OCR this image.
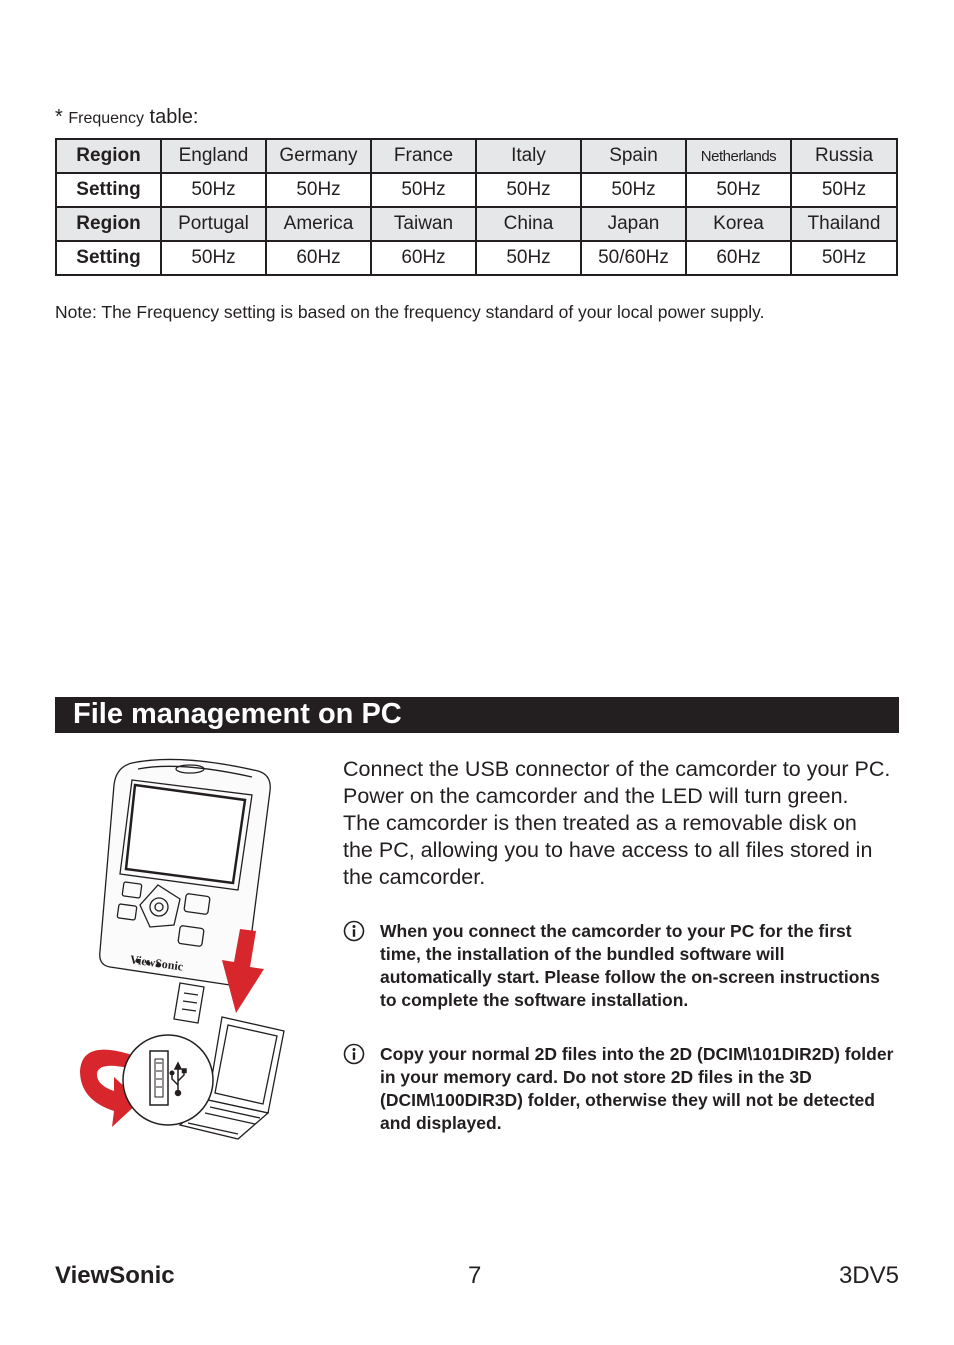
* Frequency table:
Region	England	Germany	France	Italy	Spain	Netherlands	Russia
Setting	50Hz	50Hz	50Hz	50Hz	50Hz	50Hz	50Hz
Region	Portugal	America	Taiwan	China	Japan	Korea	Thailand
Setting	50Hz	60Hz	60Hz	50Hz	50/60Hz	60Hz	50Hz
Note: The Frequency setting is based on the frequency standard of your local power supply.
File management on PC
ViewSonic
Connect the USB connector of the camcorder to your PC. Power on the camcorder and the LED will turn green. The camcorder is then treated as a removable disk on the PC, allowing you to have access to all files stored in the camcorder.
When you connect the camcorder to your PC for the first time, the installation of the bundled software will automatically start. Please follow the on-screen instructions to complete the software installation.
Copy your normal 2D files into the 2D (DCIM\101DIR2D) folder in your memory card. Do not store 2D files in the 3D (DCIM\100DIR3D) folder, otherwise they will not be detected and displayed.
ViewSonic	7	3DV5
